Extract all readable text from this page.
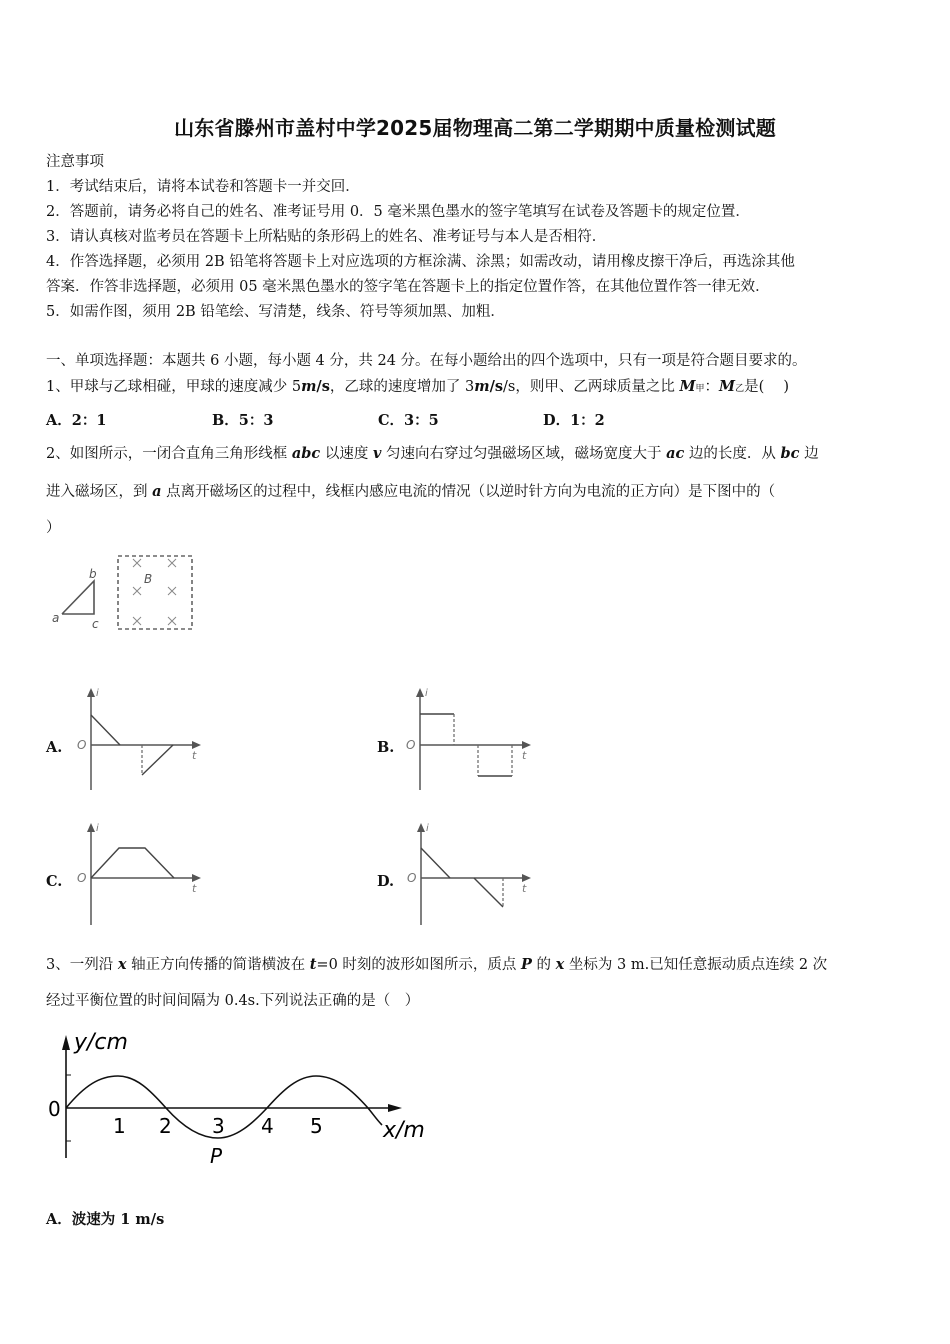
山东省滕州市盖村中学2025届物理高二第二学期期中质量检测试题
注意事项
1．考试结束后，请将本试卷和答题卡一并交回．
2．答题前，请务必将自己的姓名、准考证号用 0．5 毫米黑色墨水的签字笔填写在试卷及答题卡的规定位置．
3．请认真核对监考员在答题卡上所粘贴的条形码上的姓名、准考证号与本人是否相符．
4．作答选择题，必须用 2B 铅笔将答题卡上对应选项的方框涂满、涂黑；如需改动，请用橡皮擦干净后，再选涂其他
答案．作答非选择题，必须用 05 毫米黑色墨水的签字笔在答题卡上的指定位置作答，在其他位置作答一律无效．
5．如需作图，须用 2B 铅笔绘、写清楚，线条、符号等须加黑、加粗．
一、单项选择题：本题共 6 小题，每小题 4 分，共 24 分。在每小题给出的四个选项中，只有一项是符合题目要求的。
1、甲球与乙球相碰，甲球的速度减少 5m/s，乙球的速度增加了 3m/s/s，则甲、乙两球质量之比 M甲：M乙是(　 )
A．2：1	B．5：3	C．3：5	D．1：2
2、如图所示，一闭合直角三角形线框 abc 以速度 v 匀速向右穿过匀强磁场区域，磁场宽度大于 ac 边的长度．从 bc 边
进入磁场区，到 a 点离开磁场区的过程中，线框内感应电流的情况（以逆时针方向为电流的正方向）是下图中的（
）
a
b
c
B
A.
i
t
O	B.
i
t
O
C.
i
t
O	D.
i
t
O
3、一列沿 x 轴正方向传播的简谐横波在 t=0 时刻的波形如图所示，质点 P 的 x 坐标为 3 m.已知任意振动质点连续 2 次
经过平衡位置的时间间隔为 0.4s.下列说法正确的是（　）
y/cm
0
1 2 3 4 5	x/m
P
A．波速为 1 m/s
